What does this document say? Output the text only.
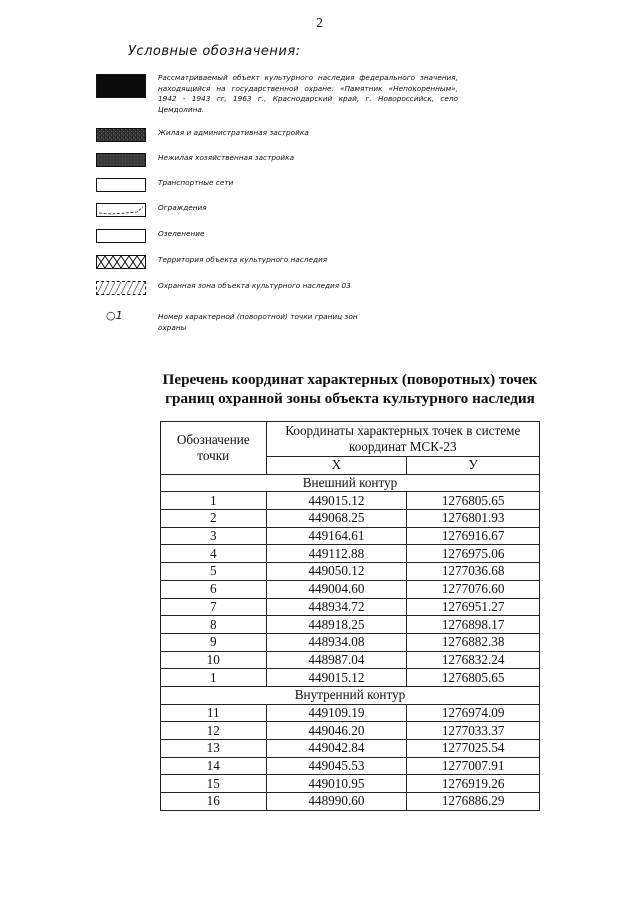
2
Условные обозначения:
Рассматриваемый объект культурного наследия федерального значения, находящийся на государственной охране: «Памятник «Непокоренным», 1942 - 1943 гг, 1963 г., Краснодарский край, г. Новороссийск, село Цемдолина.
Жилая и административная застройка
Нежилая хозяйственная застройка
Транспортные сети
Ограждения
Озеленение
Территория объекта культурного наследия
Охранная зона объекта культурного наследия 03
○1	Номер характерной (поворотной) точки границ зон охраны
Перечень координат характерных (поворотных) точек
границ охранной зоны объекта культурного наследия
Обозначение точки	Координаты характерных точек в системе координат МСК-23	
	X	У
Внешний контур		
1	449015.12	1276805.65
2	449068.25	1276801.93
3	449164.61	1276916.67
4	449112.88	1276975.06
5	449050.12	1277036.68
6	449004.60	1277076.60
7	448934.72	1276951.27
8	448918.25	1276898.17
9	448934.08	1276882.38
10	448987.04	1276832.24
1	449015.12	1276805.65
Внутренний контур		
11	449109.19	1276974.09
12	449046.20	1277033.37
13	449042.84	1277025.54
14	449045.53	1277007.91
15	449010.95	1276919.26
16	448990.60	1276886.29
